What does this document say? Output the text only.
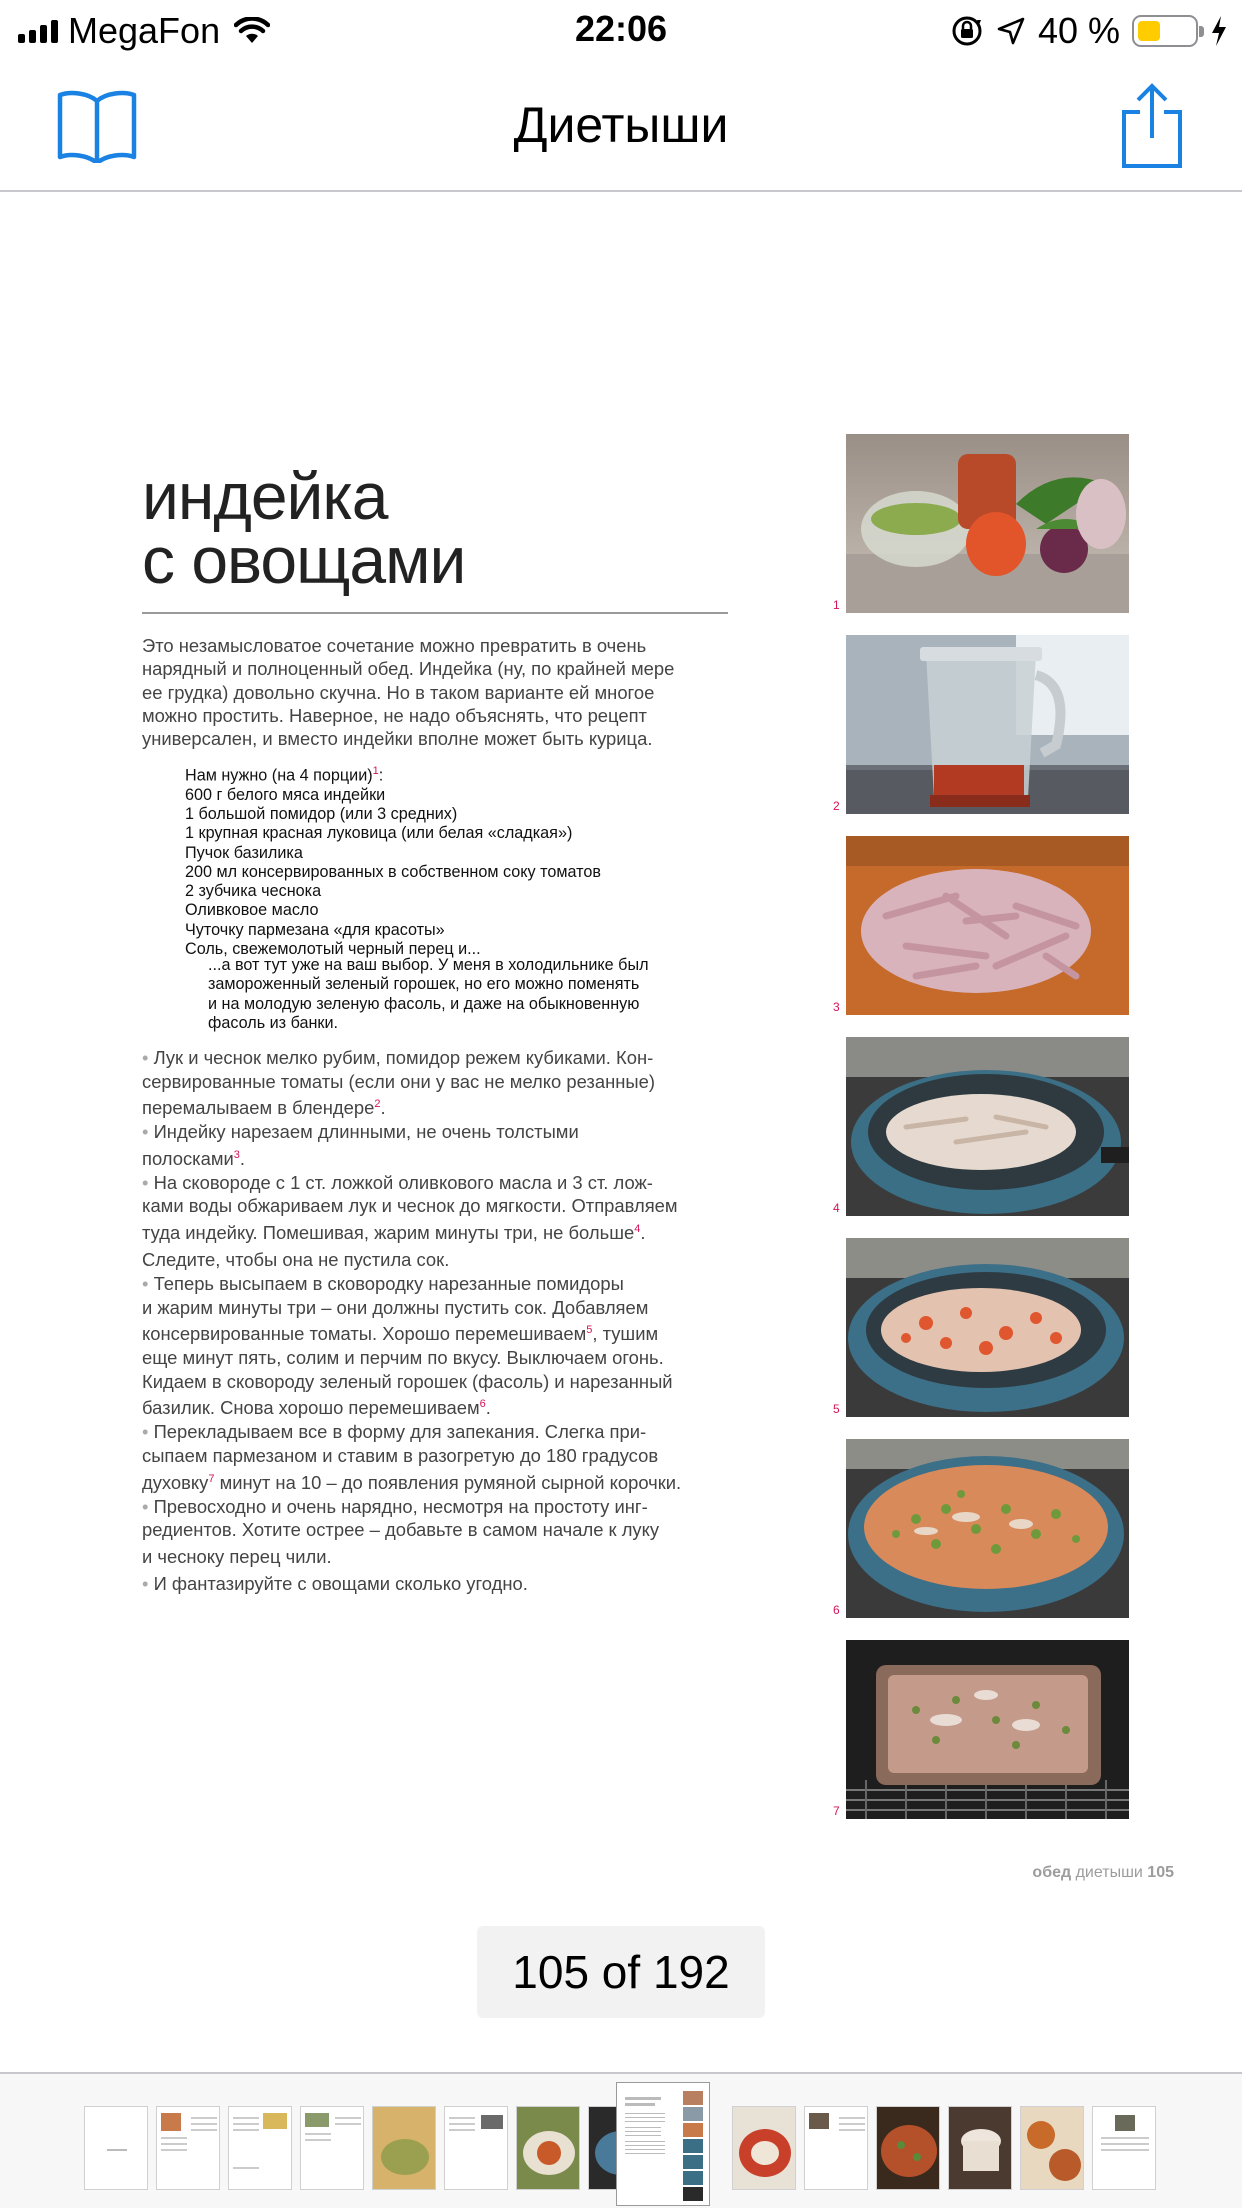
MegaFon	22:06	40 %
Диетыши
индейка
с овощами

Это незамысловатое сочетание можно превратить в очень
нарядный и полноценный обед. Индейка (ну, по крайней мере
ее грудка) довольно скучна. Но в таком варианте ей многое
можно простить. Наверное, не надо объяснять, что рецепт
универсален, и вместо индейки вполне может быть курица.

Нам нужно (на 4 порции)$^1$:
600 г белого мяса индейки
1 большой помидор (или 3 средних)
1 крупная красная луковица (или белая «сладкая»)
Пучок базилика
200 мл консервированных в собственном соку томатов
2 зубчика чеснока
Оливковое масло
Чуточку пармезана «для красоты»
Соль, свежемолотый черный перец и...

...а вот тут уже на ваш выбор. У меня в холодильнике был
замороженный зеленый горошек, но его можно поменять
и на молодую зеленую фасоль, и даже на обыкновенную
фасоль из банки.

• Лук и чеснок мелко рубим, помидор режем кубиками. Кон-
сервированные томаты (если они у вас не мелко резанные)
перемалываем в блендере$^2$.
• Индейку нарезаем длинными, не очень толстыми
полосками$^3$.
• На сковороде с 1 ст. ложкой оливкового масла и 3 ст. лож-
ками воды обжариваем лук и чеснок до мягкости. Отправляем
туда индейку. Помешивая, жарим минуты три, не больше$^4$.
Следите, чтобы она не пустила сок.
• Теперь высыпаем в сковородку нарезанные помидоры
и жарим минуты три – они должны пустить сок. Добавляем
консервированные томаты. Хорошо перемешиваем$^5$, тушим
еще минут пять, солим и перчим по вкусу. Выключаем огонь.
Кидаем в сковороду зеленый горошек (фасоль) и нарезанный
базилик. Снова хорошо перемешиваем$^6$.
• Перекладываем все в форму для запекания. Слегка при-
сыпаем пармезаном и ставим в разогретую до 180 градусов
духовку$^7$ минут на 10 – до появления румяной сырной корочки.
• Превосходно и очень нарядно, несмотря на простоту инг-
редиентов. Хотите острее – добавьте в самом начале к луку
и чесноку перец чили.
• И фантазируйте с овощами сколько угодно.
1
2
3
4
5
6
7
обед диетыши 105
105 of 192
